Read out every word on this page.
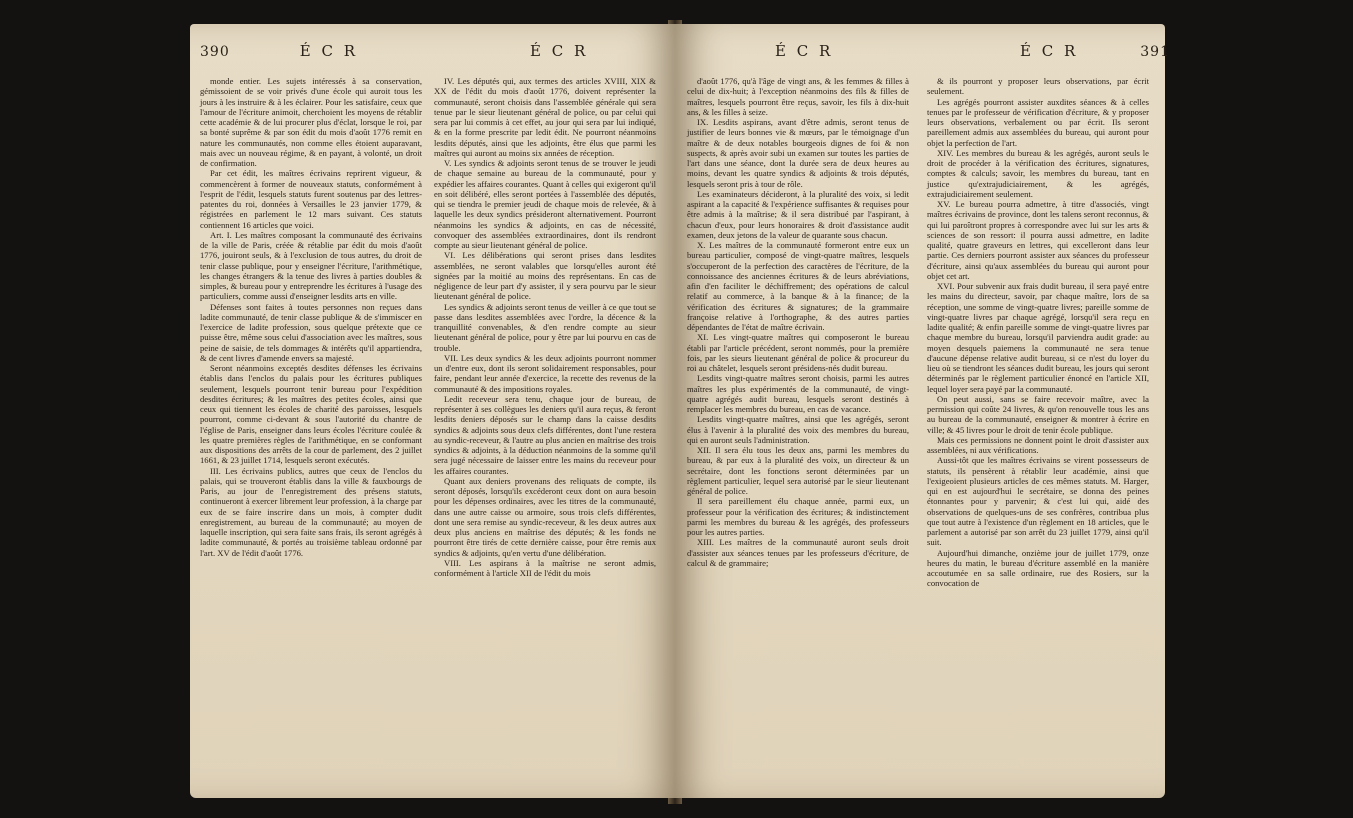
390	É C R	É C R

monde entier. Les sujets intéressés à sa conservation, gémissoient de se voir privés d'une école qui auroit tous les jours à les instruire & à les éclairer. Pour les satisfaire, ceux que l'amour de l'écriture animoit, cherchoient les moyens de rétablir cette académie & de lui procurer plus d'éclat, lorsque le roi, par sa bonté suprême & par son édit du mois d'août 1776 remit en nature les communautés, non comme elles étoient auparavant, mais avec un nouveau régime, & en payant, à volonté, un droit de confirmation.

Par cet édit, les maîtres écrivains reprirent vigueur, & commencèrent à former de nouveaux statuts, conformément à l'esprit de l'édit, lesquels statuts furent soutenus par des lettres-patentes du roi, données à Versailles le 23 janvier 1779, & régistrées en parlement le 12 mars suivant. Ces statuts contiennent 16 articles que voici.

Art. I. Les maîtres composant la communauté des écrivains de la ville de Paris, créée & rétablie par édit du mois d'août 1776, jouiront seuls, & à l'exclusion de tous autres, du droit de tenir classe publique, pour y enseigner l'écriture, l'arithmétique, les changes étrangers & la tenue des livres à parties doubles & simples, & bureau pour y entreprendre les écritures à l'usage des particuliers, comme aussi d'enseigner lesdits arts en ville.

Défenses sont faites à toutes personnes non reçues dans ladite communauté, de tenir classe publique & de s'immiscer en l'exercice de ladite profession, sous quelque prétexte que ce puisse être, même sous celui d'association avec les maîtres, sous peine de saisie, de tels dommages & intérêts qu'il appartiendra, & de cent livres d'amende envers sa majesté.

Seront néanmoins exceptés desdites défenses les écrivains établis dans l'enclos du palais pour les écritures publiques seulement, lesquels pourront tenir bureau pour l'expédition desdites écritures; & les maîtres des petites écoles, ainsi que ceux qui tiennent les écoles de charité des paroisses, lesquels pourront, comme ci-devant & sous l'autorité du chantre de l'église de Paris, enseigner dans leurs écoles l'écriture coulée & les quatre premières règles de l'arithmétique, en se conformant aux dispositions des arrêts de la cour de parlement, des 2 juillet 1661, & 23 juillet 1714, lesquels seront exécutés.

III. Les écrivains publics, autres que ceux de l'enclos du palais, qui se trouveront établis dans la ville & fauxbourgs de Paris, au jour de l'enregistrement des présens statuts, continueront à exercer librement leur profession, à la charge par eux de se faire inscrire dans un mois, à compter dudit enregistrement, au bureau de la communauté; au moyen de laquelle inscription, qui sera faite sans frais, ils seront agrégés à ladite communauté, & portés au troisième tableau ordonné par l'art. XV de l'édit d'août 1776.

IV. Les députés qui, aux termes des articles XVIII, XIX & XX de l'édit du mois d'août 1776, doivent représenter la communauté, seront choisis dans l'assemblée générale qui sera tenue par le sieur lieutenant général de police, ou par celui qui sera par lui commis à cet effet, au jour qui sera par lui indiqué, & en la forme prescrite par ledit édit. Ne pourront néanmoins lesdits députés, ainsi que les adjoints, être élus que parmi les maîtres qui auront au moins six années de réception.

V. Les syndics & adjoints seront tenus de se trouver le jeudi de chaque semaine au bureau de la communauté, pour y expédier les affaires courantes. Quant à celles qui exigeront qu'il en soit délibéré, elles seront portées à l'assemblée des députés, qui se tiendra le premier jeudi de chaque mois de relevée, & à laquelle les deux syndics présideront alternativement. Pourront néanmoins les syndics & adjoints, en cas de nécessité, convoquer des assemblées extraordinaires, dont ils rendront compte au sieur lieutenant général de police.

VI. Les délibérations qui seront prises dans lesdites assemblées, ne seront valables que lorsqu'elles auront été signées par la moitié au moins des représentans. En cas de négligence de leur part d'y assister, il y sera pourvu par le sieur lieutenant général de police.

Les syndics & adjoints seront tenus de veiller à ce que tout se passe dans lesdites assemblées avec l'ordre, la décence & la tranquillité convenables, & d'en rendre compte au sieur lieutenant général de police, pour y être par lui pourvu en cas de trouble.

VII. Les deux syndics & les deux adjoints pourront nommer un d'entre eux, dont ils seront solidairement responsables, pour faire, pendant leur année d'exercice, la recette des revenus de la communauté & des impositions royales.

Ledit receveur sera tenu, chaque jour de bureau, de représenter à ses collègues les deniers qu'il aura reçus, & feront lesdits deniers déposés sur le champ dans la caisse desdits syndics & adjoints sous deux clefs différentes, dont l'une restera au syndic-receveur, & l'autre au plus ancien en maîtrise des trois syndics & adjoints, à la déduction néanmoins de la somme qu'il sera jugé nécessaire de laisser entre les mains du receveur pour les affaires courantes.

Quant aux deniers provenans des reliquats de compte, ils seront déposés, lorsqu'ils excéderont ceux dont on aura besoin pour les dépenses ordinaires, avec les titres de la communauté, dans une autre caisse ou armoire, sous trois clefs différentes, dont une sera remise au syndic-receveur, & les deux autres aux deux plus anciens en maîtrise des députés; & les fonds ne pourront être tirés de cette dernière caisse, pour être remis aux syndics & adjoints, qu'en vertu d'une délibération.

VIII. Les aspirans à la maîtrise ne seront admis, conformément à l'article XII de l'édit du mois

É C R	É C R	391

d'août 1776, qu'à l'âge de vingt ans, & les femmes & filles à celui de dix-huit; à l'exception néanmoins des fils & filles de maîtres, lesquels pourront être reçus, savoir, les fils à dix-huit ans, & les filles à seize.

IX. Lesdits aspirans, avant d'être admis, seront tenus de justifier de leurs bonnes vie & mœurs, par le témoignage d'un maître & de deux notables bourgeois dignes de foi & non suspects, & après avoir subi un examen sur toutes les parties de l'art dans une séance, dont la durée sera de deux heures au moins, devant les quatre syndics & adjoints & trois députés, lesquels seront pris à tour de rôle.

Les examinateurs décideront, à la pluralité des voix, si ledit aspirant a la capacité & l'expérience suffisantes & requises pour être admis à la maîtrise; & il sera distribué par l'aspirant, à chacun d'eux, pour leurs honoraires & droit d'assistance audit examen, deux jetons de la valeur de quarante sous chacun.

X. Les maîtres de la communauté formeront entre eux un bureau particulier, composé de vingt-quatre maîtres, lesquels s'occuperont de la perfection des caractères de l'écriture, de la connoissance des anciennes écritures & de leurs abréviations, afin d'en faciliter le déchiffrement; des opérations de calcul relatif au commerce, à la banque & à la finance; de la vérification des écritures & signatures; de la grammaire françoise relative à l'orthographe, & des autres parties dépendantes de l'état de maître écrivain.

XI. Les vingt-quatre maîtres qui composeront le bureau établi par l'article précédent, seront nommés, pour la première fois, par les sieurs lieutenant général de police & procureur du roi au châtelet, lesquels seront présidens-nés dudit bureau.

Lesdits vingt-quatre maîtres seront choisis, parmi les autres maîtres les plus expérimentés de la communauté, de vingt-quatre agrégés audit bureau, lesquels seront destinés à remplacer les membres du bureau, en cas de vacance.

Lesdits vingt-quatre maîtres, ainsi que les agrégés, seront élus à l'avenir à la pluralité des voix des membres du bureau, qui en auront seuls l'administration.

XII. Il sera élu tous les deux ans, parmi les membres du bureau, & par eux à la pluralité des voix, un directeur & un secrétaire, dont les fonctions seront déterminées par un règlement particulier, lequel sera autorisé par le sieur lieutenant général de police.

Il sera pareillement élu chaque année, parmi eux, un professeur pour la vérification des écritures; & indistinctement parmi les membres du bureau & les agrégés, des professeurs pour les autres parties.

XIII. Les maîtres de la communauté auront seuls droit d'assister aux séances tenues par les professeurs d'écriture, de calcul & de grammaire;

& ils pourront y proposer leurs observations, par écrit seulement.

Les agrégés pourront assister auxdites séances & à celles tenues par le professeur de vérification d'écriture, & y proposer leurs observations, verbalement ou par écrit. Ils seront pareillement admis aux assemblées du bureau, qui auront pour objet la perfection de l'art.

XIV. Les membres du bureau & les agrégés, auront seuls le droit de procéder à la vérification des écritures, signatures, comptes & calculs; savoir, les membres du bureau, tant en justice qu'extrajudiciairement, & les agrégés, extrajudiciairement seulement.

XV. Le bureau pourra admettre, à titre d'associés, vingt maîtres écrivains de province, dont les talens seront reconnus, & qui lui paroîtront propres à correspondre avec lui sur les arts & sciences de son ressort: il pourra aussi admettre, en ladite qualité, quatre graveurs en lettres, qui excelleront dans leur partie. Ces derniers pourront assister aux séances du professeur d'écriture, ainsi qu'aux assemblées du bureau qui auront pour objet cet art.

XVI. Pour subvenir aux frais dudit bureau, il sera payé entre les mains du directeur, savoir, par chaque maître, lors de sa réception, une somme de vingt-quatre livres; pareille somme de vingt-quatre livres par chaque agrégé, lorsqu'il sera reçu en ladite qualité; & enfin pareille somme de vingt-quatre livres par chaque membre du bureau, lorsqu'il parviendra audit grade: au moyen desquels paiemens la communauté ne sera tenue d'aucune dépense relative audit bureau, si ce n'est du loyer du lieu où se tiendront les séances dudit bureau, les jours qui seront déterminés par le règlement particulier énoncé en l'article XII, lequel loyer sera payé par la communauté.

On peut aussi, sans se faire recevoir maître, avec la permission qui coûte 24 livres, & qu'on renouvelle tous les ans au bureau de la communauté, enseigner & montrer à écrire en ville; & 45 livres pour le droit de tenir école publique.

Mais ces permissions ne donnent point le droit d'assister aux assemblées, ni aux vérifications.

Aussi-tôt que les maîtres écrivains se virent possesseurs de statuts, ils pensèrent à rétablir leur académie, ainsi que l'exigeoient plusieurs articles de ces mêmes statuts. M. Harger, qui en est aujourd'hui le secrétaire, se donna des peines étonnantes pour y parvenir; & c'est lui qui, aidé des observations de quelques-uns de ses confrères, contribua plus que tout autre à l'existence d'un règlement en 18 articles, que le parlement a autorisé par son arrêt du 23 juillet 1779, ainsi qu'il suit.

Aujourd'hui dimanche, onzième jour de juillet 1779, onze heures du matin, le bureau d'écriture assemblé en la manière accoutumée en sa salle ordinaire, rue des Rosiers, sur la convocation de
